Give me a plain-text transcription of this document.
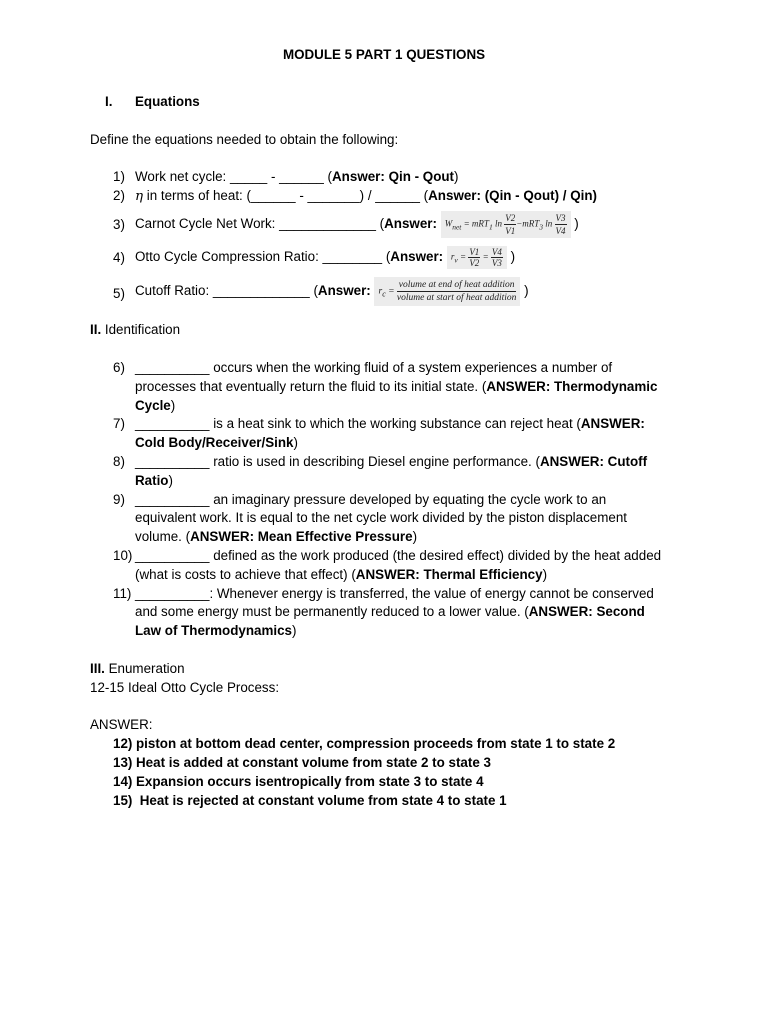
MODULE 5 PART 1 QUESTIONS
I. Equations
Define the equations needed to obtain the following:
1) Work net cycle: _____ - ______ (Answer: Qin - Qout)
2) η in terms of heat: (______ - _______) / ______ (Answer: (Qin - Qout) / Qin)
3) Carnot Cycle Net Work: _____________ (Answer: $W_{net} = mRT_1$ $\ln \frac{V2}{V1} -mRT_3$ $\ln \frac{V3}{V4}$ )
4) Otto Cycle Compression Ratio: ________ (Answer: $r_v = \frac{V1}{V2} = \frac{V4}{V3}$ )
5) Cutoff Ratio: _____________ (Answer: $r_c = \frac{\text{volume at end of heat addition}}{\text{volume at start of heat addition}}$ )
II. Identification
6) __________ occurs when the working fluid of a system experiences a number of
processes that eventually return the fluid to its initial state. (ANSWER: Thermodynamic
Cycle)
7) __________ is a heat sink to which the working substance can reject heat (ANSWER:
Cold Body/Receiver/Sink)
8) __________ ratio is used in describing Diesel engine performance. (ANSWER: Cutoff
Ratio)
9) __________ an imaginary pressure developed by equating the cycle work to an
equivalent work. It is equal to the net cycle work divided by the piston displacement
volume. (ANSWER: Mean Effective Pressure)
10) __________ defined as the work produced (the desired effect) divided by the heat added
(what is costs to achieve that effect) (ANSWER: Thermal Efficiency)
11) __________: Whenever energy is transferred, the value of energy cannot be conserved
and some energy must be permanently reduced to a lower value. (ANSWER: Second
Law of Thermodynamics)
III. Enumeration
12-15 Ideal Otto Cycle Process:
ANSWER:
12) piston at bottom dead center, compression proceeds from state 1 to state 2
13) Heat is added at constant volume from state 2 to state 3
14) Expansion occurs isentropically from state 3 to state 4
15) Heat is rejected at constant volume from state 4 to state 1
